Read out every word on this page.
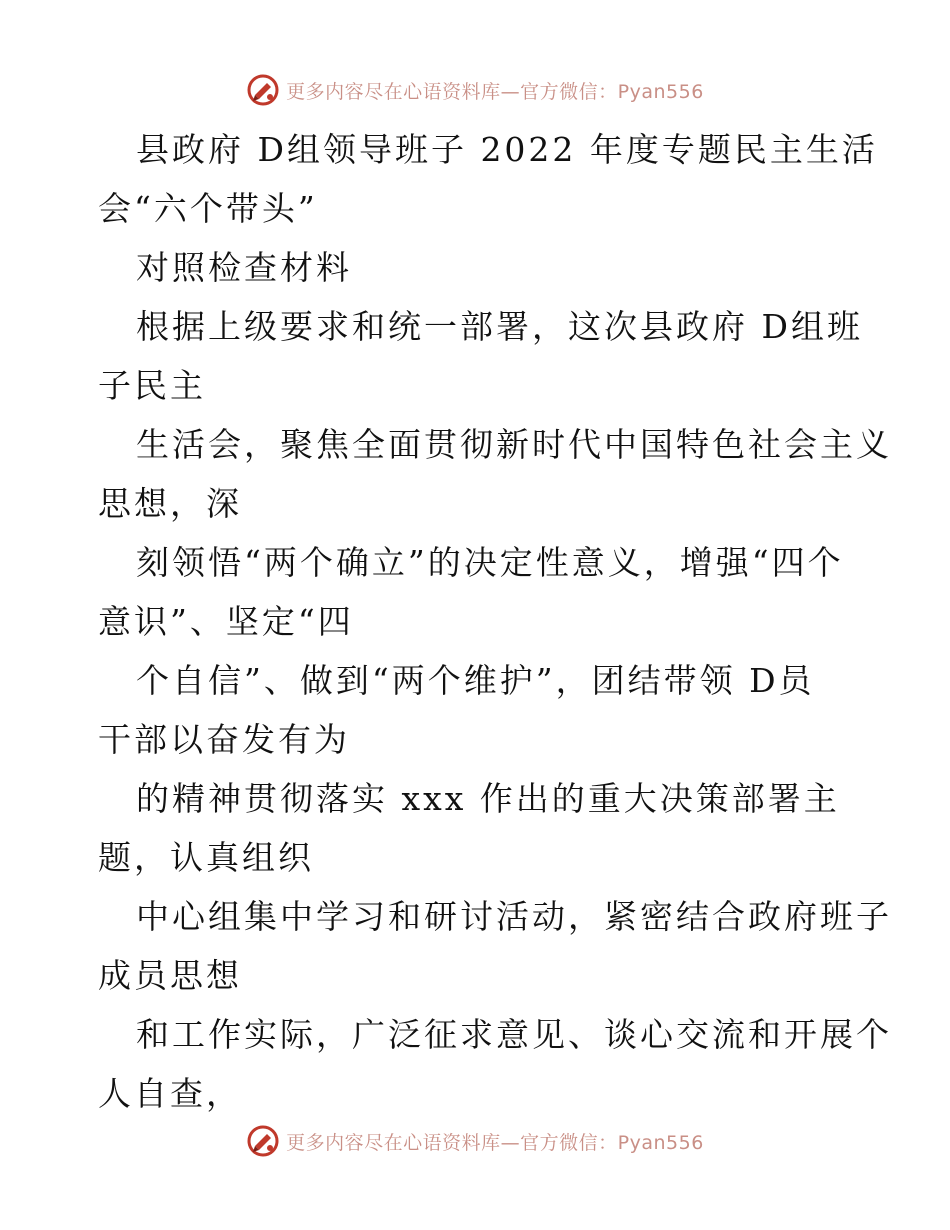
更多内容尽在心语资料库—官方微信：Pyan556
县政府 D组领导班子 2022 年度专题民主生活
会“六个带头”
对照检查材料
根据上级要求和统一部署，这次县政府 D组班
子民主
生活会，聚焦全面贯彻新时代中国特色社会主义
思想，深
刻领悟“两个确立”的决定性意义，增强“四个
意识”、坚定“四
个自信”、做到“两个维护”，团结带领 D员
干部以奋发有为
的精神贯彻落实 xxx 作出的重大决策部署主
题，认真组织
中心组集中学习和研讨活动，紧密结合政府班子
成员思想
和工作实际，广泛征求意见、谈心交流和开展个
人自查，
更多内容尽在心语资料库—官方微信：Pyan556
